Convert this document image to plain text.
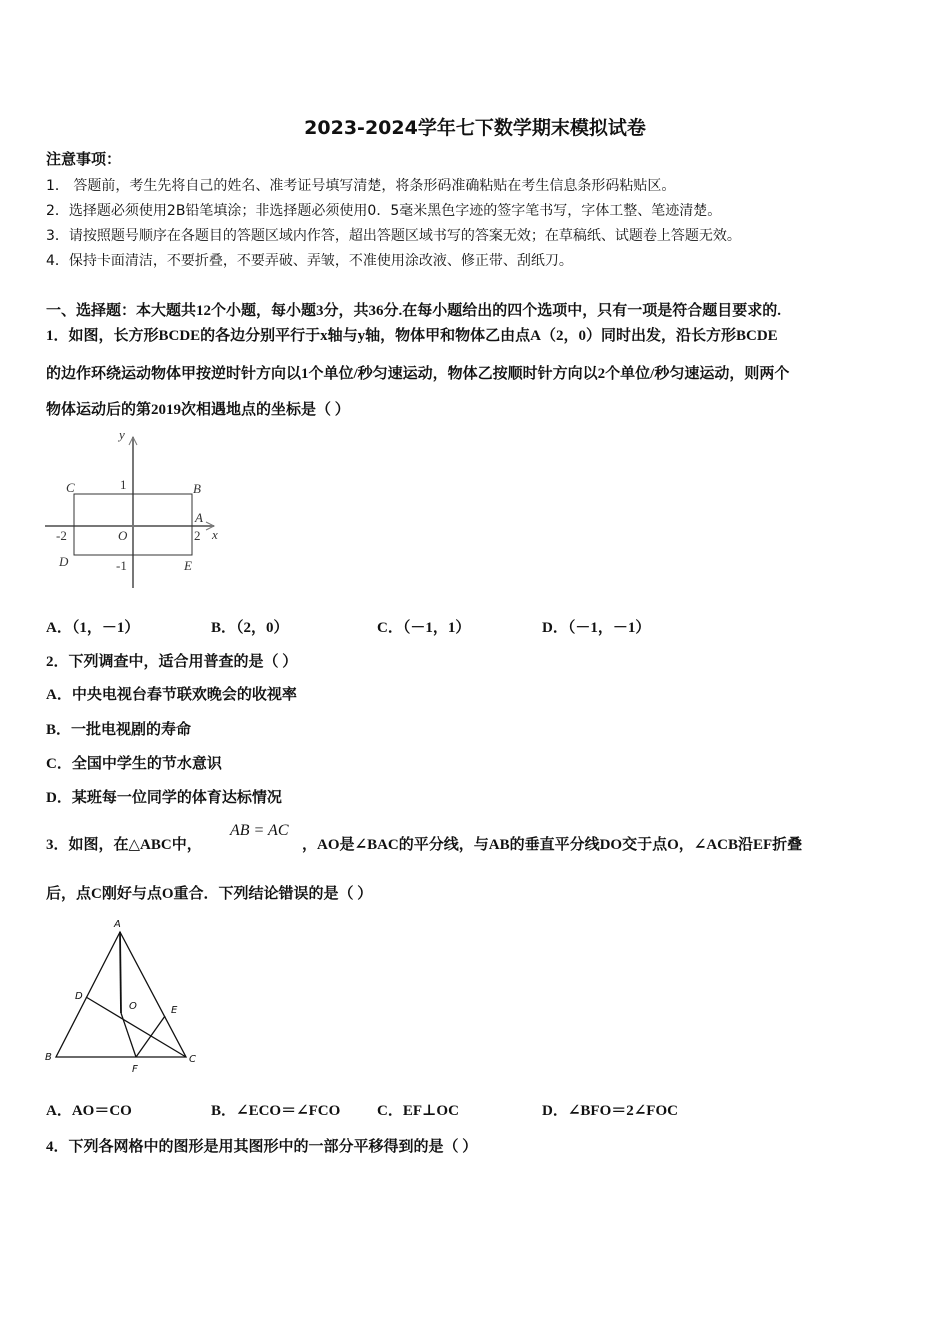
2023-2024学年七下数学期末模拟试卷
注意事项：
1． 答题前，考生先将自己的姓名、准考证号填写清楚，将条形码准确粘贴在考生信息条形码粘贴区。
2．选择题必须使用2B铅笔填涂；非选择题必须使用0．5毫米黑色字迹的签字笔书写，字体工整、笔迹清楚。
3．请按照题号顺序在各题目的答题区域内作答，超出答题区域书写的答案无效；在草稿纸、试题卷上答题无效。
4．保持卡面清洁，不要折叠，不要弄破、弄皱，不准使用涂改液、修正带、刮纸刀。
一、选择题：本大题共12个小题，每小题3分，共36分.在每小题给出的四个选项中，只有一项是符合题目要求的.
1．如图，长方形BCDE的各边分别平行于x轴与y轴，物体甲和物体乙由点A（2，0）同时出发，沿长方形BCDE
的边作环绕运动物体甲按逆时针方向以1个单位/秒匀速运动，物体乙按顺时针方向以2个单位/秒匀速运动，则两个
物体运动后的第2019次相遇地点的坐标是（ ）
y
x
C	B
A
D	E
O
1
-1
2
-2
A
B	C
D
E
F
O
A．（1，－1）	B．（2，0）	C．（－1，1）	D．（－1，－1）
2．下列调查中，适合用普查的是（ ）
A．中央电视台春节联欢晚会的收视率
B．一批电视剧的寿命
C．全国中学生的节水意识
D．某班每一位同学的体育达标情况
3．如图，在△ABC中，
AB = AC
，AO是∠BAC的平分线，与AB的垂直平分线DO交于点O，∠ACB沿EF折叠
后，点C刚好与点O重合．下列结论错误的是（ ）
A．AO＝CO	B．∠ECO＝∠FCO C．EF⊥OC	D．∠BFO＝2∠FOC
4．下列各网格中的图形是用其图形中的一部分平移得到的是（ ）
